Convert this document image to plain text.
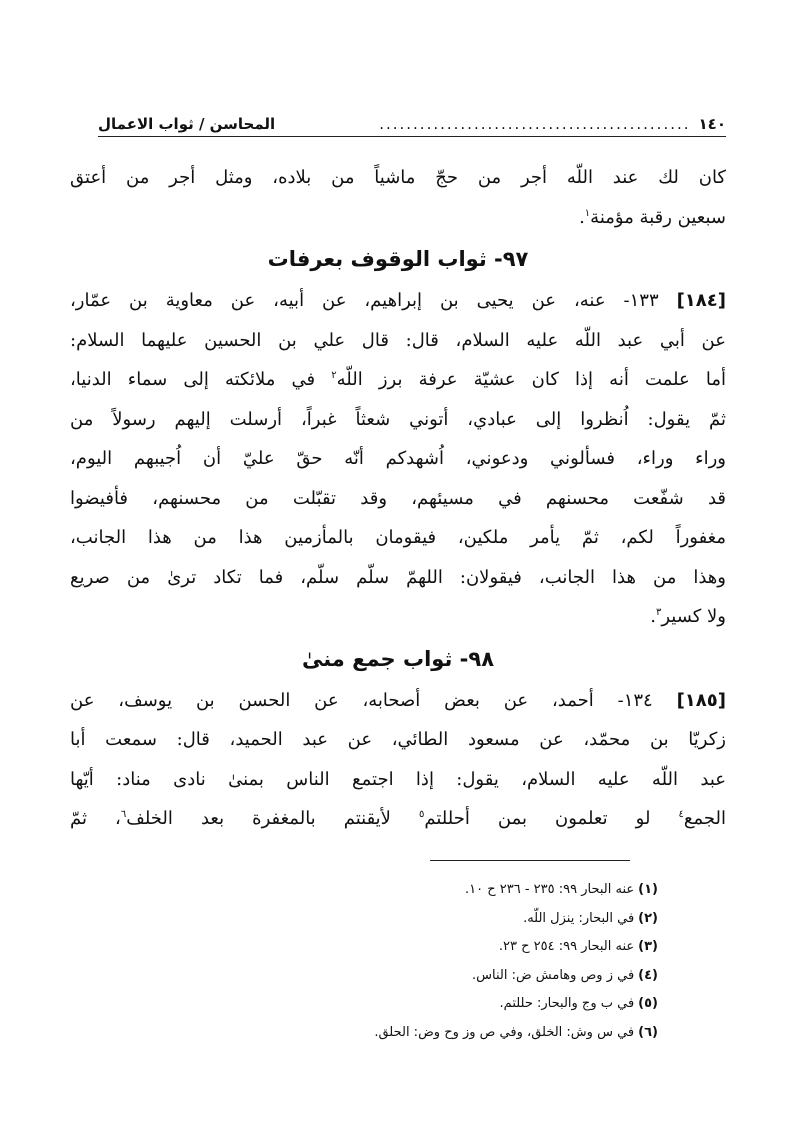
١٤٠
..............................................
المحاسن / ثواب الاعمال
كان لك عند اللّه أجر من حجّ ماشياً من بلاده، ومثل أجر من أعتق
سبعين رقبة مؤمنة$^١$.
٩٧- ثواب الوقوف بعرفات
[١٨٤] ١٣٣- عنه، عن يحيى بن إبراهيم، عن أبيه، عن معاوية بن عمّار،
عن أبي عبد اللّه عليه السلام، قال: قال علي بن الحسين عليهما السلام:
أما علمت أنه إذا كان عشيّة عرفة برز اللّه$^٢$ في ملائكته إلى سماء الدنيا،
ثمّ يقول: اُنظروا إلى عبادي، أتوني شعثاً غبراً، أرسلت إليهم رسولاً من
وراء وراء، فسألوني ودعوني، اُشهدكم أنّه حقّ عليّ أن اُجيبهم اليوم،
قد شفّعت محسنهم في مسيئهم، وقد تقبّلت من محسنهم، فأفيضوا
مغفوراً لكم، ثمّ يأمر ملكين، فيقومان بالمأزمين هذا من هذا الجانب،
وهذا من هذا الجانب، فيقولان: اللهمّ سلّم سلّم، فما تكاد ترىٰ من صريع
ولا كسير$^٣$.
٩٨- ثواب جمع منىٰ
[١٨٥] ١٣٤- أحمد، عن بعض أصحابه، عن الحسن بن يوسف، عن
زكريّا بن محمّد، عن مسعود الطائي، عن عبد الحميد، قال: سمعت أبا
عبد اللّه عليه السلام، يقول: إذا اجتمع الناس بمنىٰ نادى مناد: أيّها
الجمع$^٤$ لو تعلمون بمن أحللتم$^٥$ لأيقنتم بالمغفرة بعد الخلف$^٦$، ثمّ
(١)عنه البحار ٩٩: ٢٣٥ - ٢٣٦ ح ١٠.
(٢)في البحار: ينزل اللّه.
(٣)عنه البحار ٩٩: ٢٥٤ ح ٢٣.
(٤)في ز وص وهامش ض: الناس.
(٥)في ب وج والبحار: حللتم.
(٦)في س وش: الخلق، وفي ص وز وح وض: الحلق.
